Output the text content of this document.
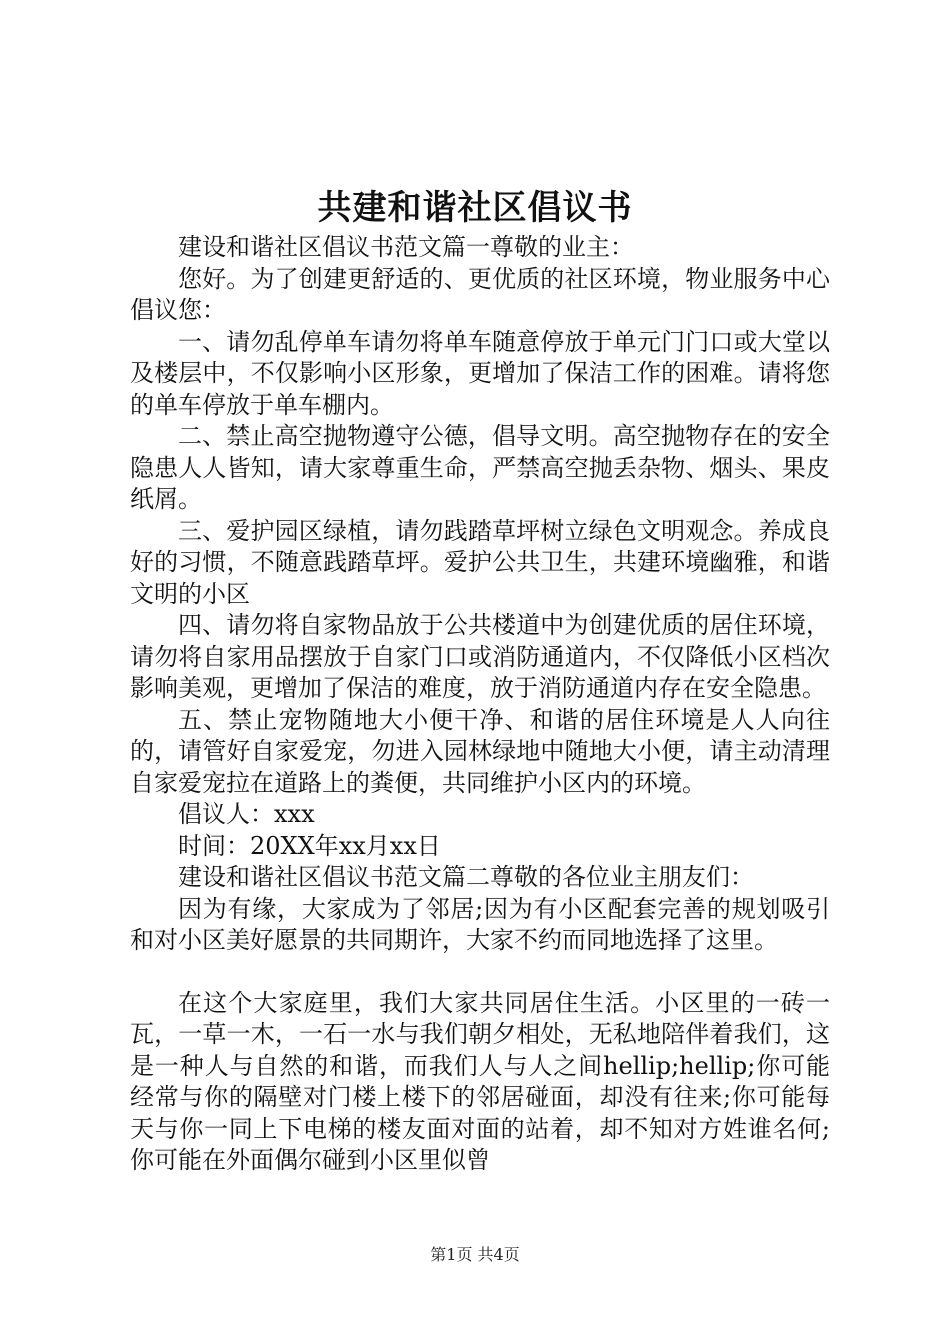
共建和谐社区倡议书

建设和谐社区倡议书范文篇一尊敬的业主：

您好。为了创建更舒适的、更优质的社区环境，物业服务中心倡议您：

一、请勿乱停单车请勿将单车随意停放于单元门门口或大堂以及楼层中，不仅影响小区形象，更增加了保洁工作的困难。请将您的单车停放于单车棚内。

二、禁止高空抛物遵守公德，倡导文明。高空抛物存在的安全隐患人人皆知，请大家尊重生命，严禁高空抛丢杂物、烟头、果皮纸屑。

三、爱护园区绿植，请勿践踏草坪树立绿色文明观念。养成良好的习惯，不随意践踏草坪。爱护公共卫生，共建环境幽雅，和谐文明的小区

四、请勿将自家物品放于公共楼道中为创建优质的居住环境，请勿将自家用品摆放于自家门口或消防通道内，不仅降低小区档次影响美观，更增加了保洁的难度，放于消防通道内存在安全隐患。

五、禁止宠物随地大小便干净、和谐的居住环境是人人向往的，请管好自家爱宠，勿进入园林绿地中随地大小便，请主动清理自家爱宠拉在道路上的粪便，共同维护小区内的环境。

倡议人：xxx

时间：20XX年xx月xx日

建设和谐社区倡议书范文篇二尊敬的各位业主朋友们：

因为有缘，大家成为了邻居;因为有小区配套完善的规划吸引和对小区美好愿景的共同期许，大家不约而同地选择了这里。

在这个大家庭里，我们大家共同居住生活。小区里的一砖一瓦，一草一木，一石一水与我们朝夕相处，无私地陪伴着我们，这是一种人与自然的和谐，而我们人与人之间hellip;hellip;你可能经常与你的隔壁对门楼上楼下的邻居碰面，却没有往来;你可能每天与你一同上下电梯的楼友面对面的站着，却不知对方姓谁名何;你可能在外面偶尔碰到小区里似曾

第1页 共4页
